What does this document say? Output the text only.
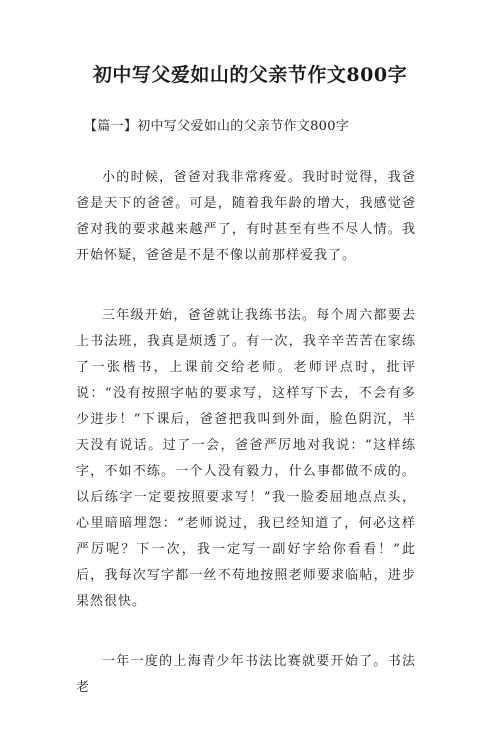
初中写父爱如山的父亲节作文800字

【篇一】初中写父爱如山的父亲节作文800字

小的时候，爸爸对我非常疼爱。我时时觉得，我爸爸是天下的爸爸。可是，随着我年龄的增大，我感觉爸爸对我的要求越来越严了，有时甚至有些不尽人情。我开始怀疑，爸爸是不是不像以前那样爱我了。

三年级开始，爸爸就让我练书法。每个周六都要去上书法班，我真是烦透了。有一次，我辛辛苦苦在家练了一张楷书，上课前交给老师。老师评点时，批评说：“没有按照字帖的要求写，这样写下去，不会有多少进步！”下课后，爸爸把我叫到外面，脸色阴沉，半天没有说话。过了一会，爸爸严厉地对我说：“这样练字，不如不练。一个人没有毅力，什么事都做不成的。以后练字一定要按照要求写！”我一脸委屈地点点头，心里暗暗埋怨：“老师说过，我已经知道了，何必这样严厉呢？下一次，我一定写一副好字给你看看！”此后，我每次写字都一丝不苟地按照老师要求临帖，进步果然很快。

一年一度的上海青少年书法比赛就要开始了。书法老
